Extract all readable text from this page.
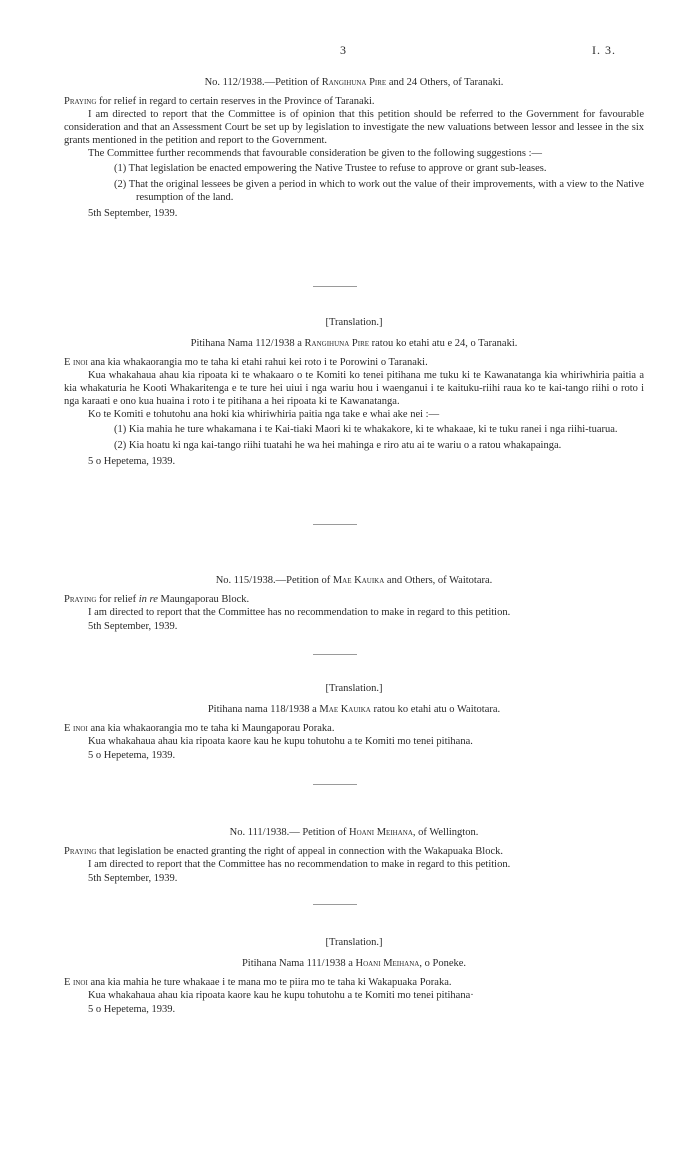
3	I. 3.
No. 112/1938.—Petition of Rangihuna Pire and 24 Others, of Taranaki.

Praying for relief in regard to certain reserves in the Province of Taranaki.

I am directed to report that the Committee is of opinion that this petition should be referred to the Government for favourable consideration and that an Assessment Court be set up by legislation to investigate the new valuations between lessor and lessee in the six grants mentioned in the petition and report to the Government.

The Committee further recommends that favourable consideration be given to the following suggestions :—

(1) That legislation be enacted empowering the Native Trustee to refuse to approve or grant sub-leases.
(2) That the original lessees be given a period in which to work out the value of their improvements, with a view to the Native resumption of the land.
5th September, 1939.
[Translation.]
Pitihana Nama 112/1938 a Rangihuna Pire ratou ko etahi atu e 24, o Taranaki.

E inoi ana kia whakaorangia mo te taha ki etahi rahui kei roto i te Porowini o Taranaki.

Kua whakahaua ahau kia ripoata ki te whakaaro o te Komiti ko tenei pitihana me tuku ki te Kawanatanga kia whiriwhiria paitia a kia whakaturia he Kooti Whakaritenga e te ture hei uiui i nga wariu hou i waenganui i te kaituku-riihi raua ko te kai-tango riihi o roto i nga karaati e ono kua huaina i roto i te pitihana a hei ripoata ki te Kawanatanga.

Ko te Komiti e tohutohu ana hoki kia whiriwhiria paitia nga take e whai ake nei :—

(1) Kia mahia he ture whakamana i te Kai-tiaki Maori ki te whakakore, ki te whakaae, ki te tuku ranei i nga riihi-tuarua.
(2) Kia hoatu ki nga kai-tango riihi tuatahi he wa hei mahinga e riro atu ai te wariu o a ratou whakapainga.
5 o Hepetema, 1939.
No. 115/1938.—Petition of Mae Kauika and Others, of Waitotara.

Praying for relief in re Maungaporau Block.

I am directed to report that the Committee has no recommendation to make in regard to this petition.

5th September, 1939.
[Translation.]
Pitihana nama 118/1938 a Mae Kauika ratou ko etahi atu o Waitotara.

E inoi ana kia whakaorangia mo te taha ki Maungaporau Poraka.

Kua whakahaua ahau kia ripoata kaore kau he kupu tohutohu a te Komiti mo tenei pitihana.

5 o Hepetema, 1939.
No. 111/1938.— Petition of Hoani Meihana, of Wellington.

Praying that legislation be enacted granting the right of appeal in connection with the Wakapuaka Block.

I am directed to report that the Committee has no recommendation to make in regard to this petition.

5th September, 1939.
[Translation.]
Pitihana Nama 111/1938 a Hoani Meihana, o Poneke.

E inoi ana kia mahia he ture whakaae i te mana mo te piira mo te taha ki Wakapuaka Poraka.

Kua whakahaua ahau kia ripoata kaore kau he kupu tohutohu a te Komiti mo tenei pitihana·

5 o Hepetema, 1939.
